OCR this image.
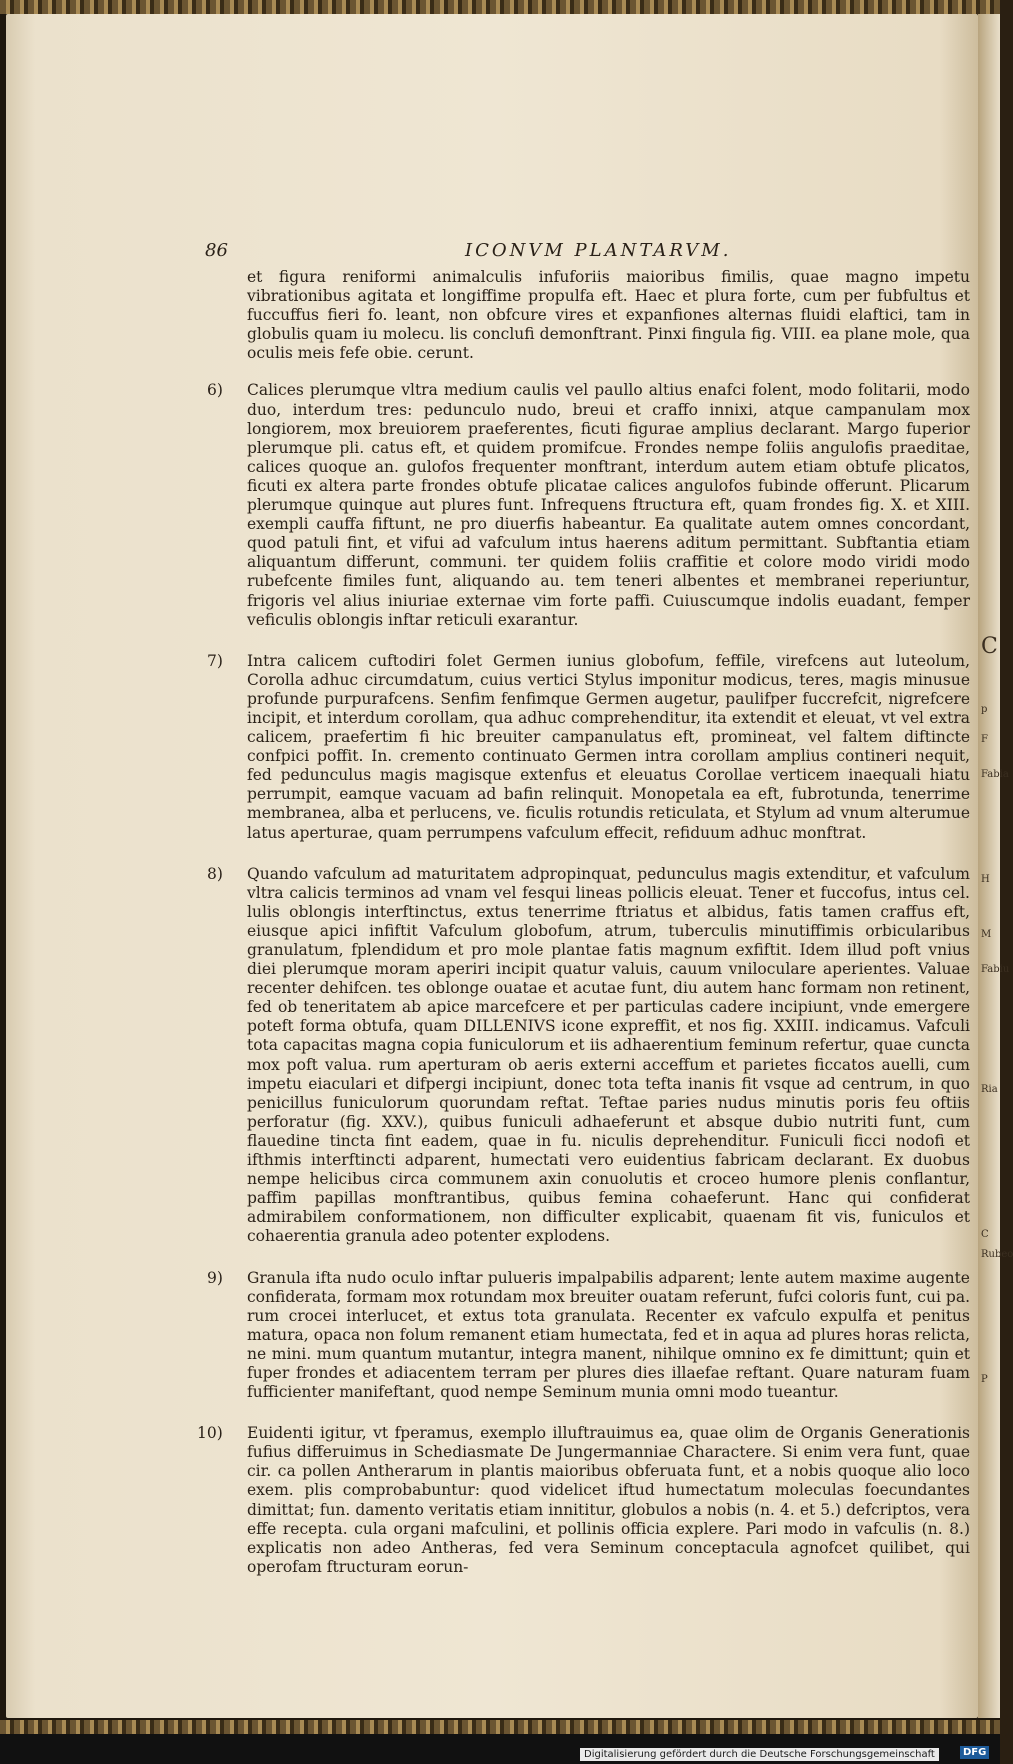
C
p
F
Fabia
H
M
Fabiu
Ria
Rubeo
C
P
86	ICONVM PLANTARVM.

et figura reniformi animalculis infuforiis maioribus fimilis, quae magno impetu vibrationibus agitata et longiffime propulfa eft. Haec et plura forte, cum per fubfultus et fuccuffus fieri fo. leant, non obfcure vires et expanfiones alternas fluidi elaftici, tam in globulis quam iu molecu. lis conclufi demonftrant. Pinxi fingula fig. VIII. ea plane mole, qua oculis meis fefe obie. cerunt.

6) Calices plerumque vltra medium caulis vel paullo altius enafci folent, modo folitarii, modo duo, interdum tres: pedunculo nudo, breui et craffo innixi, atque campanulam mox longiorem, mox breuiorem praeferentes, ficuti figurae amplius declarant. Margo fuperior plerumque pli. catus eft, et quidem promifcue. Frondes nempe foliis angulofis praeditae, calices quoque an. gulofos frequenter monftrant, interdum autem etiam obtufe plicatos, ficuti ex altera parte frondes obtufe plicatae calices angulofos fubinde offerunt. Plicarum plerumque quinque aut plures funt. Infrequens ftructura eft, quam frondes fig. X. et XIII. exempli cauffa fiftunt, ne pro diuerfis habeantur. Ea qualitate autem omnes concordant, quod patuli fint, et vifui ad vafculum intus haerens aditum permittant. Subftantia etiam aliquantum differunt, communi. ter quidem foliis craffitie et colore modo viridi modo rubefcente fimiles funt, aliquando au. tem teneri albentes et membranei reperiuntur, frigoris vel alius iniuriae externae vim forte paffi. Cuiuscumque indolis euadant, femper veficulis oblongis inftar reticuli exarantur.

7) Intra calicem cuftodiri folet Germen iunius globofum, feffile, virefcens aut luteolum, Corolla adhuc circumdatum, cuius vertici Stylus imponitur modicus, teres, magis minusue profunde purpurafcens. Senfim fenfimque Germen augetur, paulifper fuccrefcit, nigrefcere incipit, et interdum corollam, qua adhuc comprehenditur, ita extendit et eleuat, vt vel extra calicem, praefertim fi hic breuiter campanulatus eft, promineat, vel faltem diftincte confpici poffit. In. cremento continuato Germen intra corollam amplius contineri nequit, fed pedunculus magis magisque extenfus et eleuatus Corollae verticem inaequali hiatu perrumpit, eamque vacuam ad bafin relinquit. Monopetala ea eft, fubrotunda, tenerrime membranea, alba et perlucens, ve. ficulis rotundis reticulata, et Stylum ad vnum alterumue latus aperturae, quam perrumpens vafculum effecit, refiduum adhuc monftrat.

8) Quando vafculum ad maturitatem adpropinquat, pedunculus magis extenditur, et vafculum vltra calicis terminos ad vnam vel fesqui lineas pollicis eleuat. Tener et fuccofus, intus cel. lulis oblongis interftinctus, extus tenerrime ftriatus et albidus, fatis tamen craffus eft, eiusque apici infiftit Vafculum globofum, atrum, tuberculis minutiffimis orbicularibus granulatum, fplendidum et pro mole plantae fatis magnum exfiftit. Idem illud poft vnius diei plerumque moram aperiri incipit quatur valuis, cauum vniloculare aperientes. Valuae recenter dehifcen. tes oblonge ouatae et acutae funt, diu autem hanc formam non retinent, fed ob teneritatem ab apice marcefcere et per particulas cadere incipiunt, vnde emergere poteft forma obtufa, quam DILLENIVS icone expreffit, et nos fig. XXIII. indicamus. Vafculi tota capacitas magna copia funiculorum et iis adhaerentium feminum refertur, quae cuncta mox poft valua. rum aperturam ob aeris externi acceffum et parietes ficcatos auelli, cum impetu eiaculari et difpergi incipiunt, donec tota tefta inanis fit vsque ad centrum, in quo penicillus funiculorum quorundam reftat. Teftae paries nudus minutis poris feu oftiis perforatur (fig. XXV.), quibus funiculi adhaeferunt et absque dubio nutriti funt, cum flauedine tincta fint eadem, quae in fu. niculis deprehenditur. Funiculi ficci nodofi et ifthmis interftincti adparent, humectati vero euidentius fabricam declarant. Ex duobus nempe helicibus circa communem axin conuolutis et croceo humore plenis conflantur, paffim papillas monftrantibus, quibus femina cohaeferunt. Hanc qui confiderat admirabilem conformationem, non difficulter explicabit, quaenam fit vis, funiculos et cohaerentia granula adeo potenter explodens.

9) Granula ifta nudo oculo inftar pulueris impalpabilis adparent; lente autem maxime augente confiderata, formam mox rotundam mox breuiter ouatam referunt, fufci coloris funt, cui pa. rum crocei interlucet, et extus tota granulata. Recenter ex vafculo expulfa et penitus matura, opaca non folum remanent etiam humectata, fed et in aqua ad plures horas relicta, ne mini. mum quantum mutantur, integra manent, nihilque omnino ex fe dimittunt; quin et fuper frondes et adiacentem terram per plures dies illaefae reftant. Quare naturam fuam fufficienter manifeftant, quod nempe Seminum munia omni modo tueantur.

10) Euidenti igitur, vt fperamus, exemplo illuftrauimus ea, quae olim de Organis Generationis fufius differuimus in Schediasmate De Jungermanniae Charactere. Si enim vera funt, quae cir. ca pollen Antherarum in plantis maioribus obferuata funt, et a nobis quoque alio loco exem. plis comprobabuntur: quod videlicet iftud humectatum moleculas foecundantes dimittat; fun. damento veritatis etiam innititur, globulos a nobis (n. 4. et 5.) defcriptos, vera effe recepta. cula organi mafculini, et pollinis officia explere. Pari modo in vafculis (n. 8.) explicatis non adeo Antheras, fed vera Seminum conceptacula agnofcet quilibet, qui operofam ftructuram eorun-

Digitalisierung gefördert durch die Deutsche Forschungsgemeinschaft	DFG
